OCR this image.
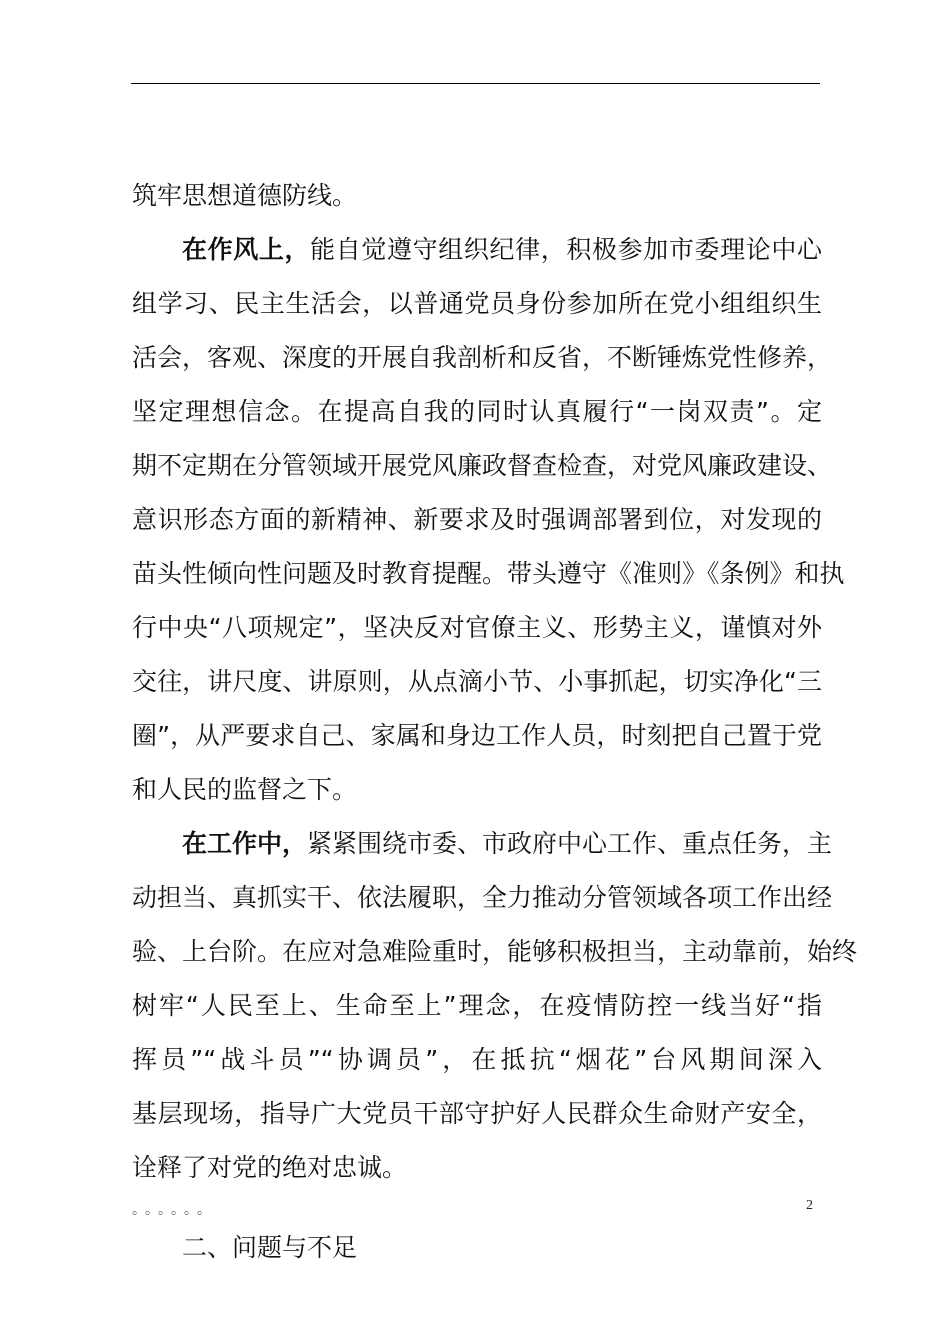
筑牢思想道德防线。
在作风上，能自觉遵守组织纪律，积极参加市委理论中心
组学习、民主生活会，以普通党员身份参加所在党小组组织生
活会，客观、深度的开展自我剖析和反省，不断锤炼党性修养，
坚定理想信念。在提高自我的同时认真履行“一岗双责”。定
期不定期在分管领域开展党风廉政督查检查，对党风廉政建设、
意识形态方面的新精神、新要求及时强调部署到位，对发现的
苗头性倾向性问题及时教育提醒。带头遵守《准则》《条例》和执
行中央“八项规定”，坚决反对官僚主义、形势主义，谨慎对外
交往，讲尺度、讲原则，从点滴小节、小事抓起，切实净化“三
圈”，从严要求自己、家属和身边工作人员，时刻把自己置于党
和人民的监督之下。
在工作中，紧紧围绕市委、市政府中心工作、重点任务，主
动担当、真抓实干、依法履职，全力推动分管领域各项工作出经
验、上台阶。在应对急难险重时，能够积极担当，主动靠前，始终
树牢“人民至上、生命至上”理念，在疫情防控一线当好“指
挥员”“战斗员”“协调员”，在抵抗“烟花”台风期间深入
基层现场，指导广大党员干部守护好人民群众生命财产安全，
诠释了对党的绝对忠诚。
。。。。。。
二、问题与不足
2
